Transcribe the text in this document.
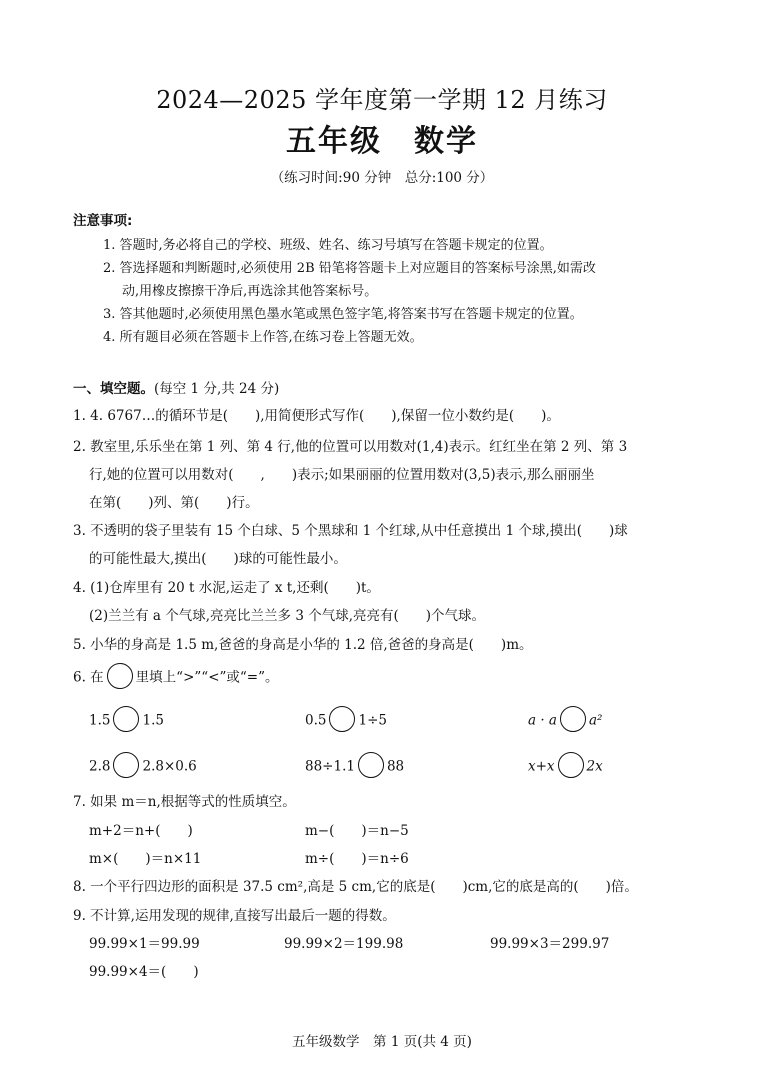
2024—2025 学年度第一学期 12 月练习
五年级　数学
（练习时间:90 分钟　总分:100 分）
注意事项:
1. 答题时,务必将自己的学校、班级、姓名、练习号填写在答题卡规定的位置。
2. 答选择题和判断题时,必须使用 2B 铅笔将答题卡上对应题目的答案标号涂黑,如需改
动,用橡皮擦擦干净后,再选涂其他答案标号。
3. 答其他题时,必须使用黑色墨水笔或黑色签字笔,将答案书写在答题卡规定的位置。
4. 所有题目必须在答题卡上作答,在练习卷上答题无效。
一、填空题。(每空 1 分,共 24 分)
1. 4. 6767…的循环节是(　　),用简便形式写作(　　),保留一位小数约是(　　)。
2. 教室里,乐乐坐在第 1 列、第 4 行,他的位置可以用数对(1,4)表示。红红坐在第 2 列、第 3
行,她的位置可以用数对(　　,　　)表示;如果丽丽的位置用数对(3,5)表示,那么丽丽坐
在第(　　)列、第(　　)行。
3. 不透明的袋子里装有 15 个白球、5 个黑球和 1 个红球,从中任意摸出 1 个球,摸出(　　)球
的可能性最大,摸出(　　)球的可能性最小。
4. (1)仓库里有 20 t 水泥,运走了 x t,还剩(　　)t。
(2)兰兰有 a 个气球,亮亮比兰兰多 3 个气球,亮亮有(　　)个气球。
5. 小华的身高是 1.5 m,爸爸的身高是小华的 1.2 倍,爸爸的身高是(　　)m。
6. 在 里填上“>”“<”或“=”。
1.5 1.5̇	0.5 1÷5	a · a a²
2.8 2.8×0.6	88÷1.1 88	x+x 2x
7. 如果 m＝n,根据等式的性质填空。
m+2＝n+(　　)	m−(　　)＝n−5
m×(　　)＝n×11	m÷(　　)＝n÷6
8. 一个平行四边形的面积是 37.5 cm²,高是 5 cm,它的底是(　　)cm,它的底是高的(　　)倍。
9. 不计算,运用发现的规律,直接写出最后一题的得数。
99.99×1＝99.99	99.99×2＝199.98	99.99×3＝299.97
99.99×4＝(　　)
五年级数学　第 1 页(共 4 页)
